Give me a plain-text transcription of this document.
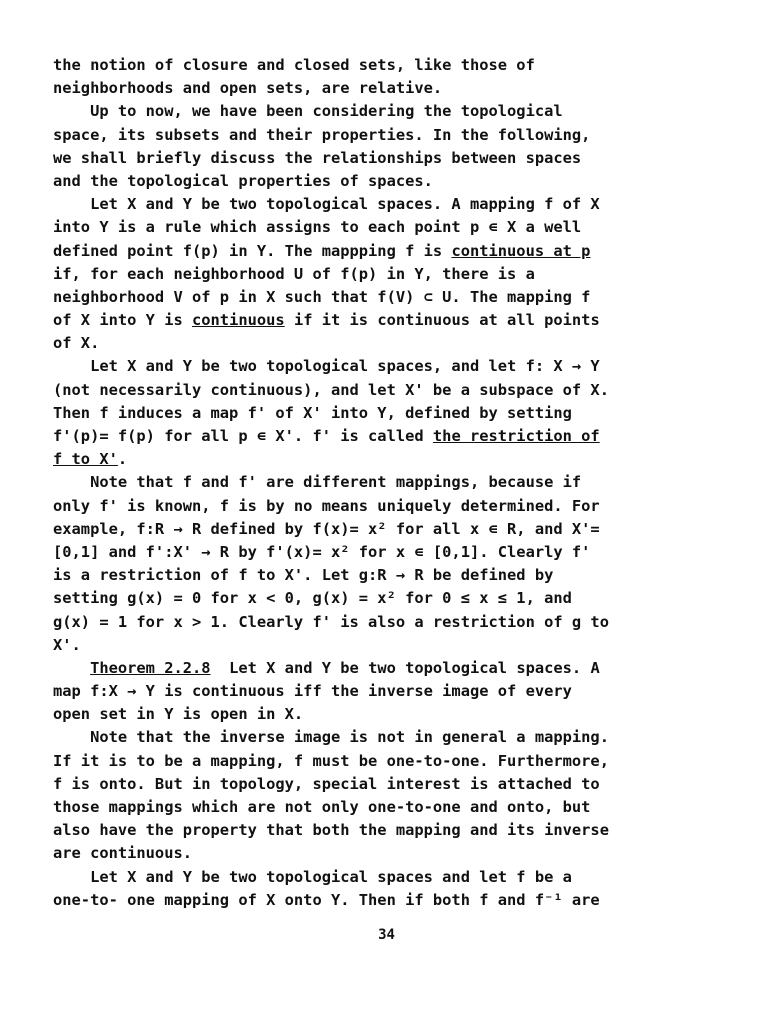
the notion of closure and closed sets, like those of
neighborhoods and open sets, are relative.
Up to now, we have been considering the topological
space, its subsets and their properties. In the following,
we shall briefly discuss the relationships between spaces
and the topological properties of spaces.
Let X and Y be two topological spaces. A mapping f of X
into Y is a rule which assigns to each point p ∊ X a well
defined point f(p) in Y. The mappping f is continuous at p
if, for each neighborhood U of f(p) in Y, there is a
neighborhood V of p in X such that f(V) ⊂ U. The mapping f
of X into Y is continuous if it is continuous at all points
of X.
Let X and Y be two topological spaces, and let f: X → Y
(not necessarily continuous), and let X' be a subspace of X.
Then f induces a map f' of X' into Y, defined by setting
f'(p)= f(p) for all p ∊ X'. f' is called the restriction of
f to X'.
Note that f and f' are different mappings, because if
only f' is known, f is by no means uniquely determined. For
example, f:R → R defined by f(x)= x² for all x ∊ R, and X'=
[0,1] and f':X' → R by f'(x)= x² for x ∊ [0,1]. Clearly f'
is a restriction of f to X'. Let g:R → R be defined by
setting g(x) = 0 for x < 0, g(x) = x² for 0 ≤ x ≤ 1, and
g(x) = 1 for x > 1. Clearly f' is also a restriction of g to
X'.
Theorem 2.2.8  Let X and Y be two topological spaces. A
map f:X → Y is continuous iff the inverse image of every
open set in Y is open in X.
Note that the inverse image is not in general a mapping.
If it is to be a mapping, f must be one-to-one. Furthermore,
f is onto. But in topology, special interest is attached to
those mappings which are not only one-to-one and onto, but
also have the property that both the mapping and its inverse
are continuous.
Let X and Y be two topological spaces and let f be a
one-to- one mapping of X onto Y. Then if both f and f⁻¹ are
34
